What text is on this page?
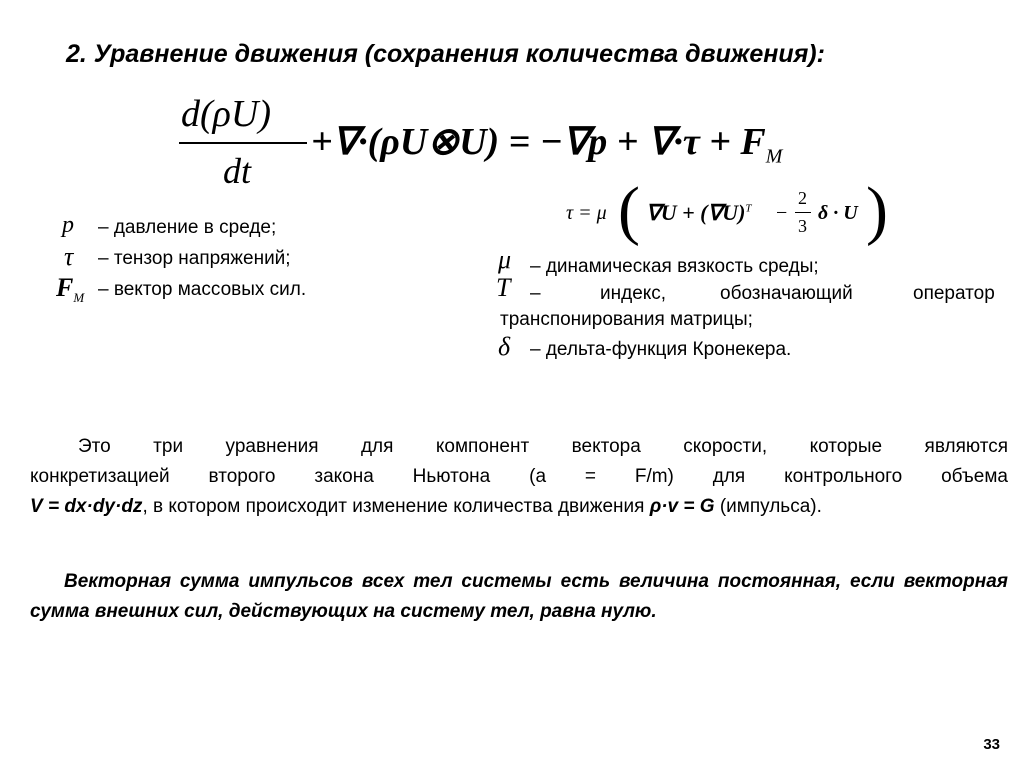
2. Уравнение движения (сохранения количества движения):
d(ρU)
dt
+∇·(ρU⊗U) = $-\nabla p + \nabla\cdot\tau + F_M$
τ = μ ( $\nabla U + (\nabla U)^T$ −
2
3
δ · U )
p – давление в среде;
τ – тензор напряжений;
$F_M$ – вектор массовых сил.
μ – динамическая вязкость среды;
T –	индекс,	обозначающий	оператор
транспонирования матрицы;
δ – дельта-функция Кронекера.
Это три уравнения для компонент вектора скорости, которые являются
конкретизацией второго закона Ньютона (a = F/m) для контрольного объема
V = dx·dy·dz, в котором происходит изменение количества движения ρ·v = G (импульса).
Векторная сумма импульсов всех тел системы есть величина постоянная, если векторная сумма внешних сил, действующих на систему тел, равна нулю.
33
